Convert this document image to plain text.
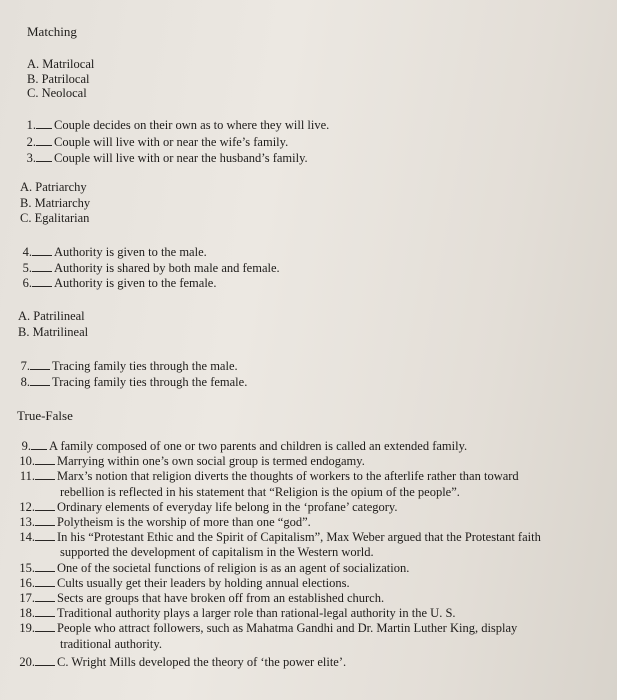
Matching
A. Matrilocal
B. Patrilocal
C. Neolocal
1. Couple decides on their own as to where they will live.
2. Couple will live with or near the wife’s family.
3. Couple will live with or near the husband’s family.
A. Patriarchy
B. Matriarchy
C. Egalitarian
4. Authority is given to the male.
5. Authority is shared by both male and female.
6. Authority is given to the female.
A. Patrilineal
B. Matrilineal
7. Tracing family ties through the male.
8. Tracing family ties through the female.
True-False
9. A family composed of one or two parents and children is called an extended family.
10. Marrying within one’s own social group is termed endogamy.
11. Marx’s notion that religion diverts the thoughts of workers to the afterlife rather than toward
rebellion is reflected in his statement that “Religion is the opium of the people”.
12. Ordinary elements of everyday life belong in the ‘profane’ category.
13. Polytheism is the worship of more than one “god”.
14. In his “Protestant Ethic and the Spirit of Capitalism”, Max Weber argued that the Protestant faith
supported the development of capitalism in the Western world.
15. One of the societal functions of religion is as an agent of socialization.
16. Cults usually get their leaders by holding annual elections.
17. Sects are groups that have broken off from an established church.
18. Traditional authority plays a larger role than rational-legal authority in the U. S.
19. People who attract followers, such as Mahatma Gandhi and Dr. Martin Luther King, display
traditional authority.
20. C. Wright Mills developed the theory of ‘the power elite’.
